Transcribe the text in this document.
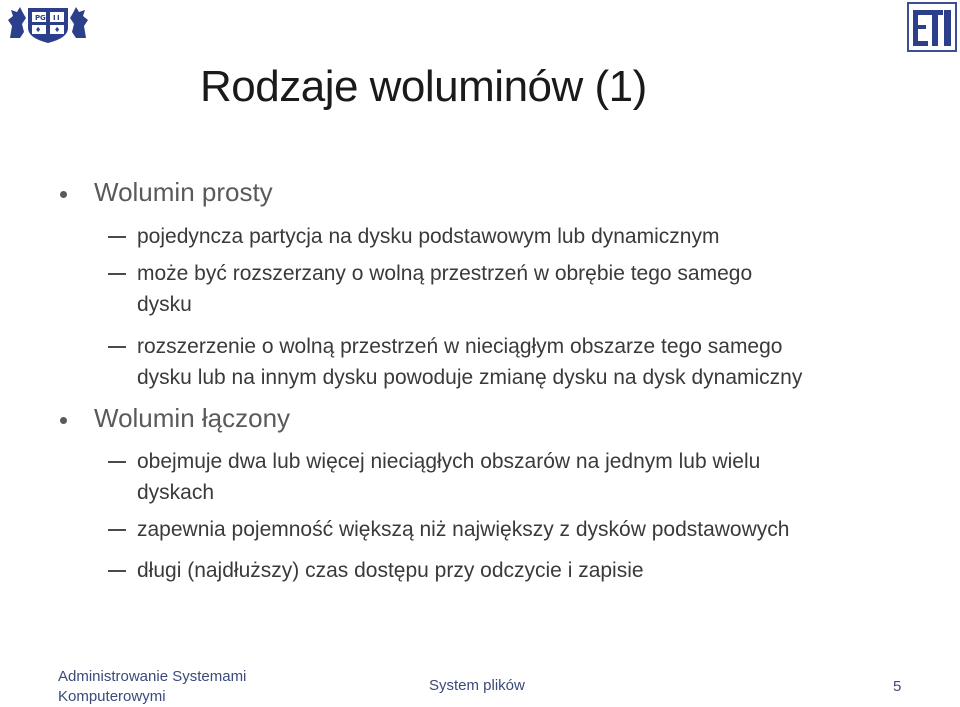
P G I I
♦ ♦
Rodzaje woluminów (1)
Wolumin prosty
pojedyncza partycja na dysku podstawowym lub dynamicznym
może być rozszerzany o wolną przestrzeń w obrębie tego samego
dysku
rozszerzenie o wolną przestrzeń w nieciągłym obszarze tego samego
dysku lub na innym dysku powoduje zmianę dysku na dysk dynamiczny
Wolumin łączony
obejmuje dwa lub więcej nieciągłych obszarów na jednym lub wielu
dyskach
zapewnia pojemność większą niż największy z dysków podstawowych
długi (najdłuższy) czas dostępu przy odczycie i zapisie
Administrowanie Systemami
Komputerowymi
System plików	5
